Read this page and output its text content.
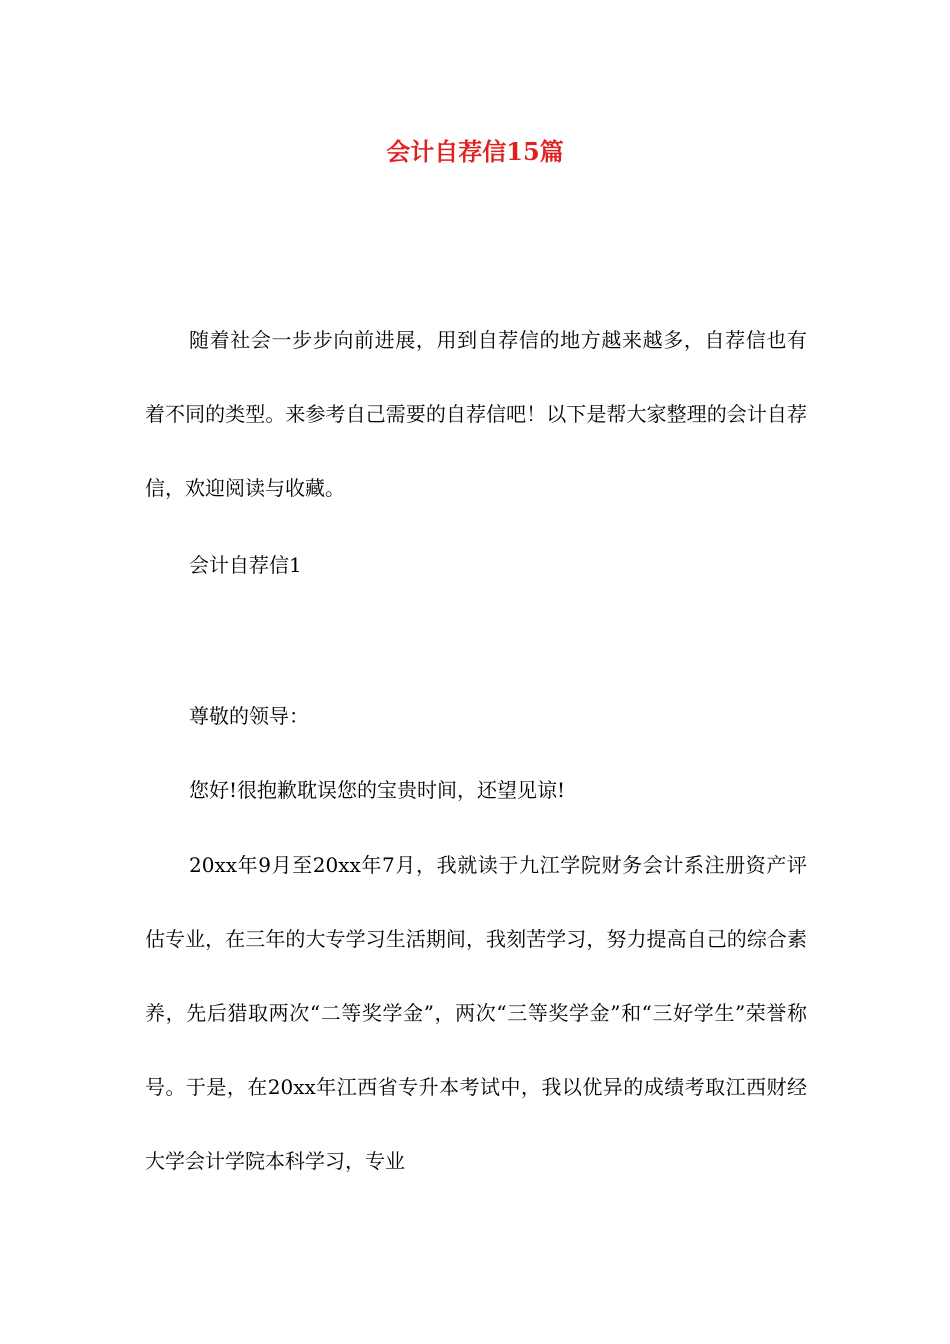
会计自荐信15篇

随着社会一步步向前进展，用到自荐信的地方越来越多，自荐信也有着不同的类型。来参考自己需要的自荐信吧！以下是帮大家整理的会计自荐信，欢迎阅读与收藏。

会计自荐信1

尊敬的领导：

您好!很抱歉耽误您的宝贵时间，还望见谅!

20xx年9月至20xx年7月，我就读于九江学院财务会计系注册资产评估专业，在三年的大专学习生活期间，我刻苦学习，努力提高自己的综合素养，先后猎取两次“二等奖学金”，两次“三等奖学金”和“三好学生”荣誉称号。于是，在20xx年江西省专升本考试中，我以优异的成绩考取江西财经大学会计学院本科学习，专业
